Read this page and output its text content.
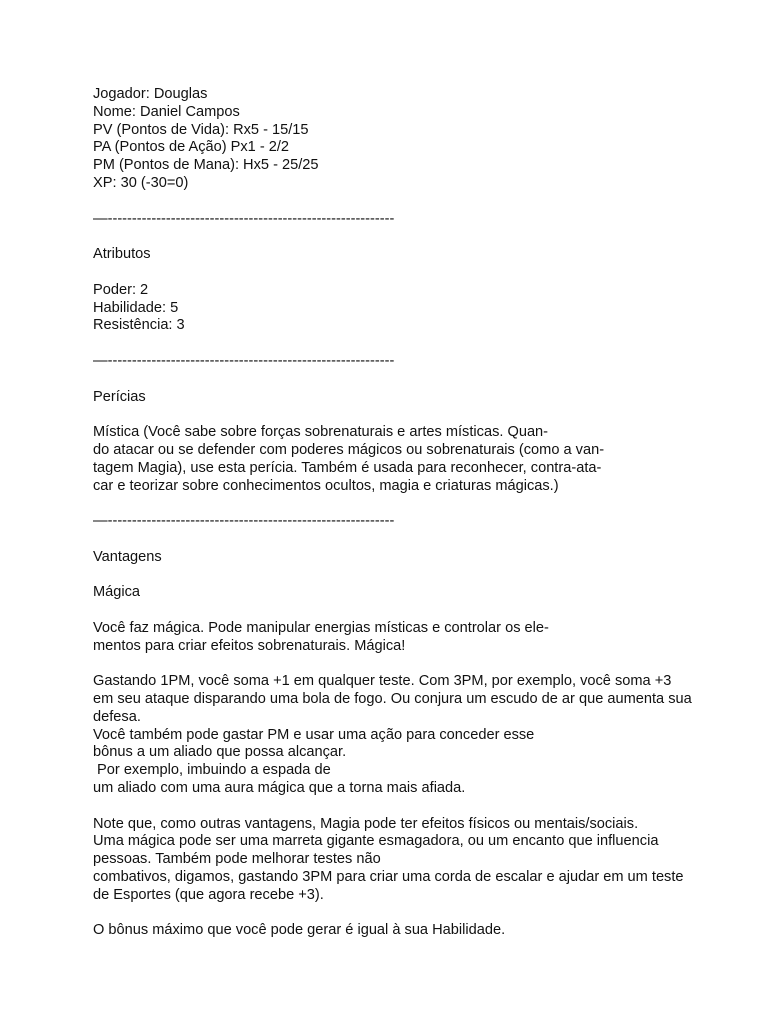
Jogador: Douglas
Nome: Daniel Campos
PV (Pontos de Vida): Rx5 - 15/15
PA (Pontos de Ação) Px1 - 2/2
PM (Pontos de Mana): Hx5 - 25/25
XP: 30 (-30=0)
—-----------------------------------------------------------
Atributos
Poder: 2
Habilidade: 5
Resistência: 3
—-----------------------------------------------------------
Perícias
Mística (Você sabe sobre forças sobrenaturais e artes místicas. Quan-
do atacar ou se defender com poderes mágicos ou sobrenaturais (como a van-
tagem Magia), use esta perícia. Também é usada para reconhecer, contra-ata-
car e teorizar sobre conhecimentos ocultos, magia e criaturas mágicas.)
—-----------------------------------------------------------
Vantagens
Mágica
Você faz mágica. Pode manipular energias místicas e controlar os ele-
mentos para criar efeitos sobrenaturais. Mágica!
Gastando 1PM, você soma +1 em qualquer teste. Com 3PM, por exemplo, você soma +3
em seu ataque disparando uma bola de fogo. Ou conjura um escudo de ar que aumenta sua
defesa.
Você também pode gastar PM e usar uma ação para conceder esse
bônus a um aliado que possa alcançar.
Por exemplo, imbuindo a espada de
um aliado com uma aura mágica que a torna mais afiada.
Note que, como outras vantagens, Magia pode ter efeitos físicos ou mentais/sociais.
Uma mágica pode ser uma marreta gigante esmagadora, ou um encanto que influencia
pessoas. Também pode melhorar testes não
combativos, digamos, gastando 3PM para criar uma corda de escalar e ajudar em um teste
de Esportes (que agora recebe +3).
O bônus máximo que você pode gerar é igual à sua Habilidade.
